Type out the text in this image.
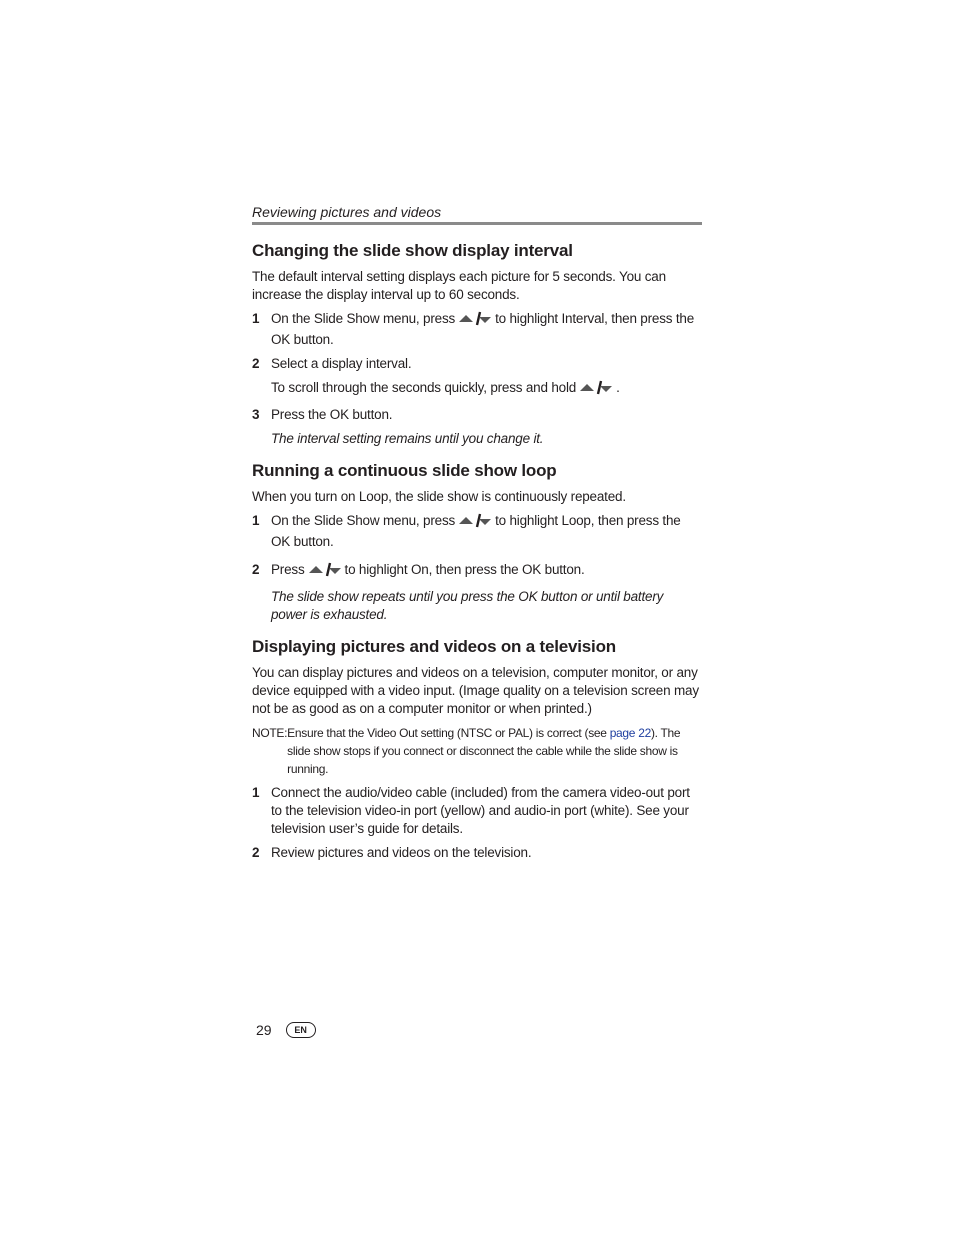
Reviewing pictures and videos
Changing the slide show display interval

The default interval setting displays each picture for 5 seconds. You can increase the display interval up to 60 seconds.

1 On the Slide Show menu, press	to highlight Interval, then press the OK button.

2 Select a display interval.

To scroll through the seconds quickly, press and hold	.

3 Press the OK button.

The interval setting remains until you change it.

Running a continuous slide show loop

When you turn on Loop, the slide show is continuously repeated.

1 On the Slide Show menu, press	to highlight Loop, then press the OK button.

2 Press	to highlight On, then press the OK button.

The slide show repeats until you press the OK button or until battery power is exhausted.

Displaying pictures and videos on a television

You can display pictures and videos on a television, computer monitor, or any device equipped with a video input. (Image quality on a television screen may not be as good as on a computer monitor or when printed.)

NOTE: Ensure that the Video Out setting (NTSC or PAL) is correct (see page 22). The slide show stops if you connect or disconnect the cable while the slide show is running.
1 Connect the audio/video cable (included) from the camera video-out port to the television video-in port (yellow) and audio-in port (white). See your television user’s guide for details.

2 Review pictures and videos on the television.

29	EN
